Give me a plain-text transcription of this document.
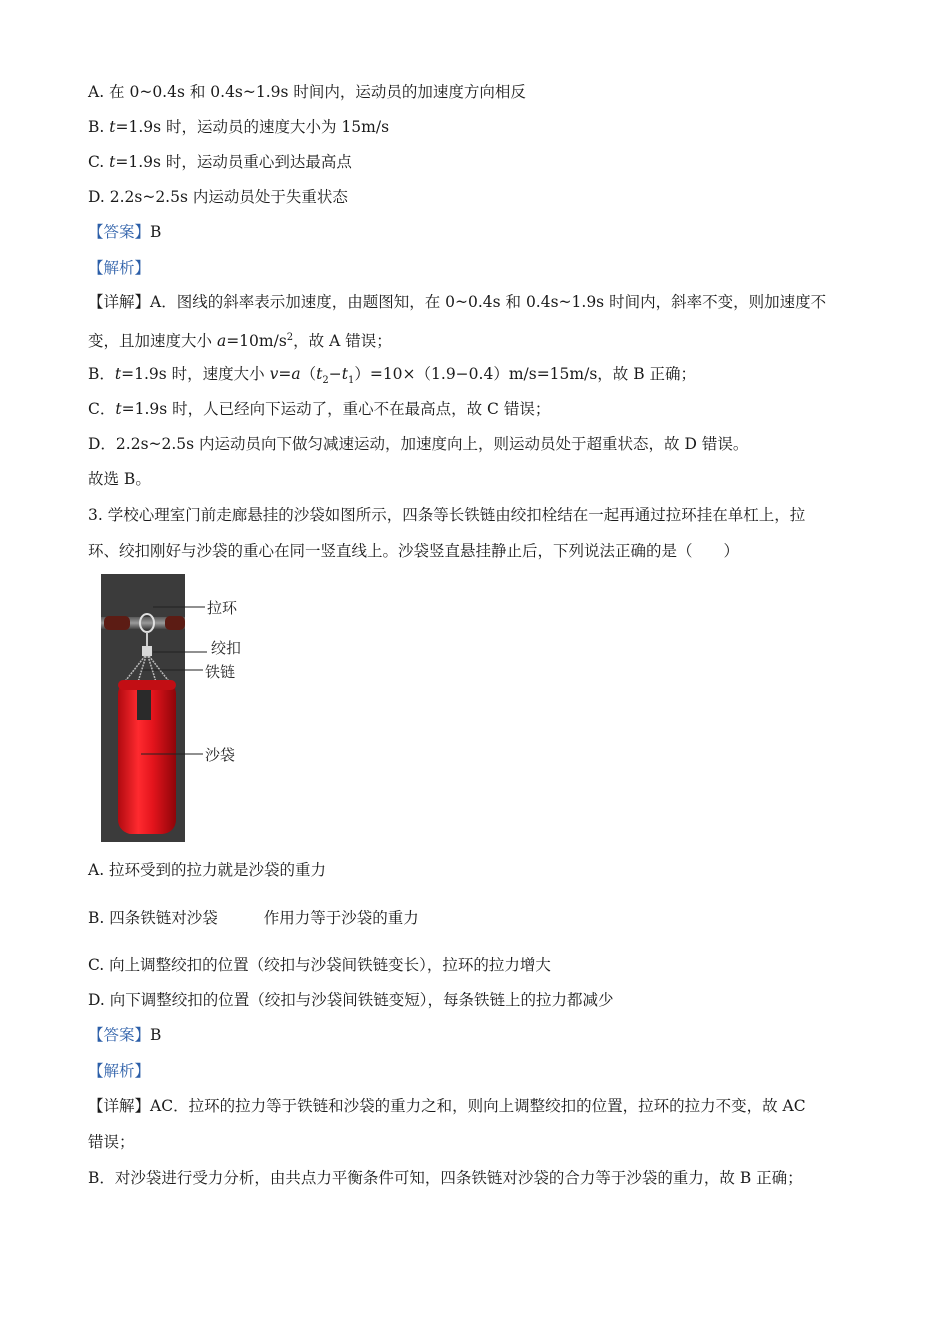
A. 在 0~0.4s 和 0.4s~1.9s 时间内，运动员的加速度方向相反
B. t=1.9s 时，运动员的速度大小为 15m/s
C. t=1.9s 时，运动员重心到达最高点
D. 2.2s~2.5s 内运动员处于失重状态
【答案】B
【解析】
【详解】A．图线的斜率表示加速度，由题图知，在 0~0.4s 和 0.4s~1.9s 时间内，斜率不变，则加速度不
变，且加速度大小 $a=10m/s^2$，故 A 错误；
B．t=1.9s 时，速度大小 $v=a(t_2-t_1)=10\times(1.9-0.4)m/s=15m/s$，故 B 正确；
C．t=1.9s 时，人已经向下运动了，重心不在最高点，故 C 错误；
D．2.2s~2.5s 内运动员向下做匀减速运动，加速度向上，则运动员处于超重状态，故 D 错误。
故选 B。
3. 学校心理室门前走廊悬挂的沙袋如图所示，四条等长铁链由绞扣栓结在一起再通过拉环挂在单杠上，拉
环、绞扣刚好与沙袋的重心在同一竖直线上。沙袋竖直悬挂静止后，下列说法正确的是（　　）
拉环
绞扣
铁链
沙袋
A. 拉环受到的拉力就是沙袋的重力
B. 四条铁链对沙袋	作用力等于沙袋的重力
C. 向上调整绞扣的位置（绞扣与沙袋间铁链变长），拉环的拉力增大
D. 向下调整绞扣的位置（绞扣与沙袋间铁链变短），每条铁链上的拉力都减少
【答案】B
【解析】
【详解】AC．拉环的拉力等于铁链和沙袋的重力之和，则向上调整绞扣的位置，拉环的拉力不变，故 AC
错误；
B．对沙袋进行受力分析，由共点力平衡条件可知，四条铁链对沙袋的合力等于沙袋的重力，故 B 正确；
